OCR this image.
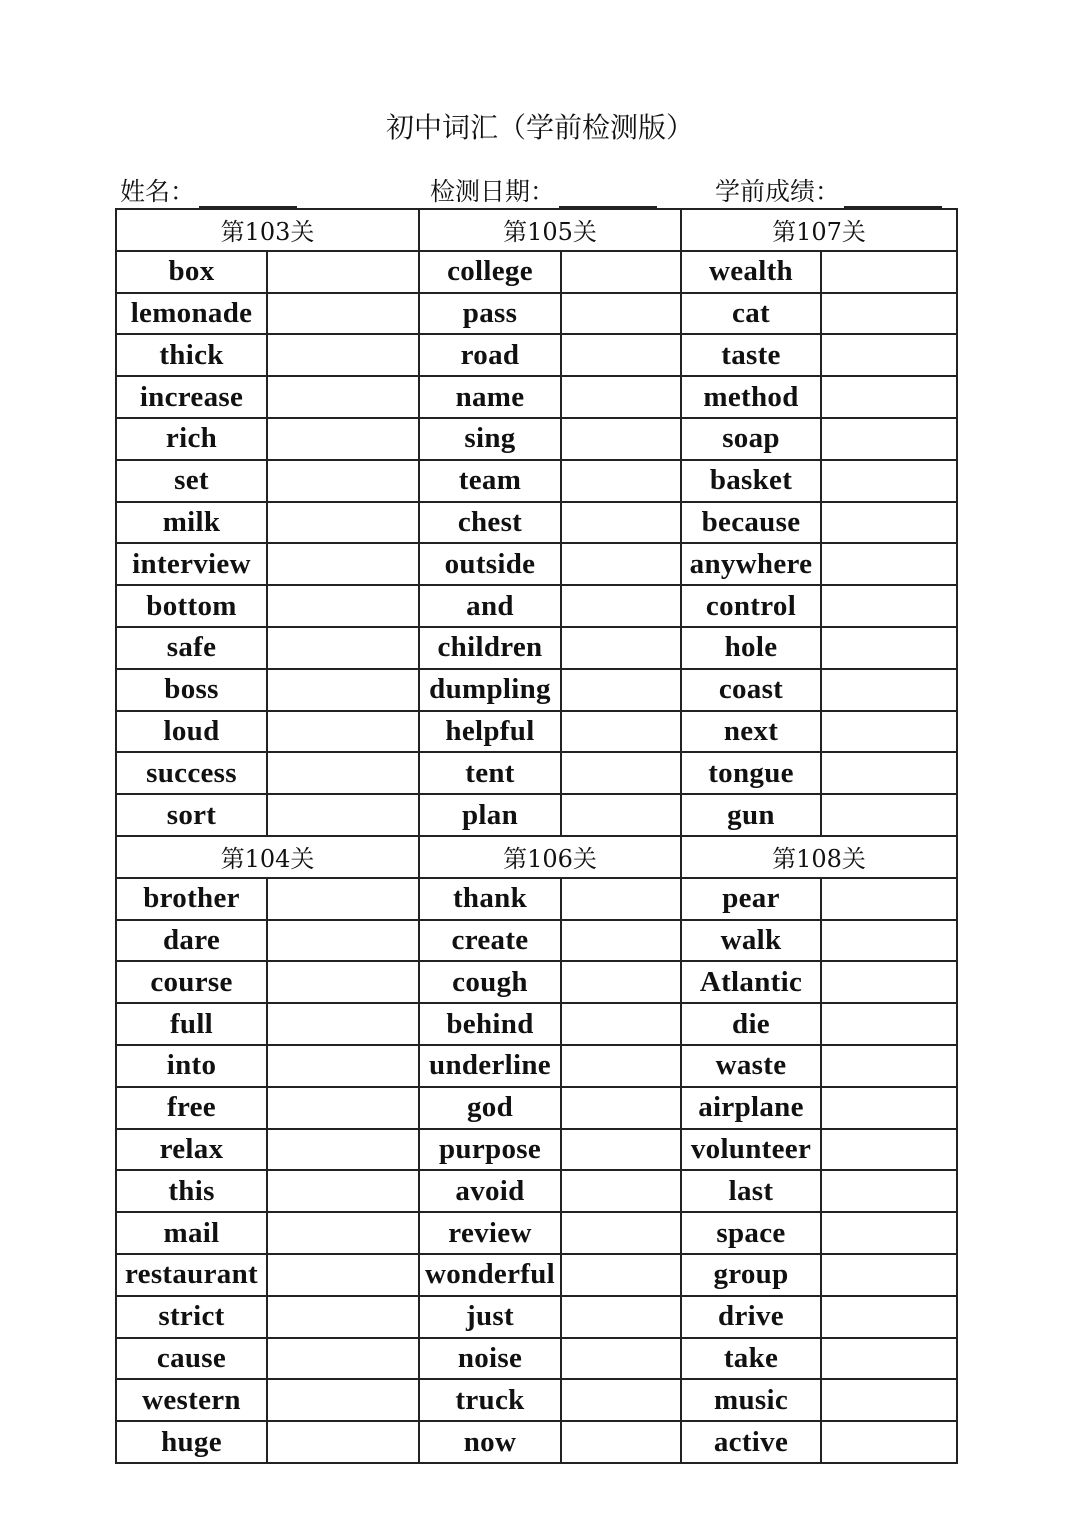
初中词汇（学前检测版）
姓名：	检测日期：	学前成绩：
第103关		第105关		第107关	
box		college		wealth	
lemonade		pass		cat	
thick		road		taste	
increase		name		method	
rich		sing		soap	
set		team		basket	
milk		chest		because	
interview		outside		anywhere	
bottom		and		control	
safe		children		hole	
boss		dumpling		coast	
loud		helpful		next	
success		tent		tongue	
sort		plan		gun	
第104关		第106关		第108关	
brother		thank		pear	
dare		create		walk	
course		cough		Atlantic	
full		behind		die	
into		underline		waste	
free		god		airplane	
relax		purpose		volunteer	
this		avoid		last	
mail		review		space	
restaurant		wonderful		group	
strict		just		drive	
cause		noise		take	
western		truck		music	
huge		now		active	
